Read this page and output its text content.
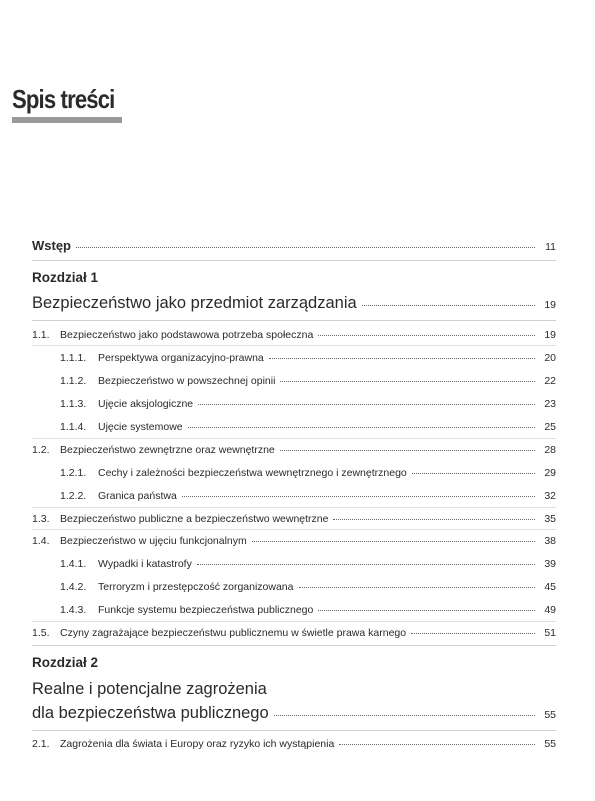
Spis treści
Wstęp	11
Rozdział 1
Bezpieczeństwo jako przedmiot zarządzania	19
1.1. Bezpieczeństwo jako podstawowa potrzeba społeczna	19
1.1.1.	Perspektywa organizacyjno-prawna	20
1.1.2.	Bezpieczeństwo w powszechnej opinii	22
1.1.3.	Ujęcie aksjologiczne	23
1.1.4.	Ujęcie systemowe	25
1.2. Bezpieczeństwo zewnętrzne oraz wewnętrzne	28
1.2.1.	Cechy i zależności bezpieczeństwa wewnętrznego i zewnętrznego	29
1.2.2.	Granica państwa	32
1.3. Bezpieczeństwo publiczne a bezpieczeństwo wewnętrzne	35
1.4. Bezpieczeństwo w ujęciu funkcjonalnym	38
1.4.1.	Wypadki i katastrofy	39
1.4.2.	Terroryzm i przestępczość zorganizowana	45
1.4.3.	Funkcje systemu bezpieczeństwa publicznego	49
1.5. Czyny zagrażające bezpieczeństwu publicznemu w świetle prawa karnego	51
Rozdział 2
Realne i potencjalne zagrożenia
dla bezpieczeństwa publicznego	55
2.1. Zagrożenia dla świata i Europy oraz ryzyko ich wystąpienia	55
